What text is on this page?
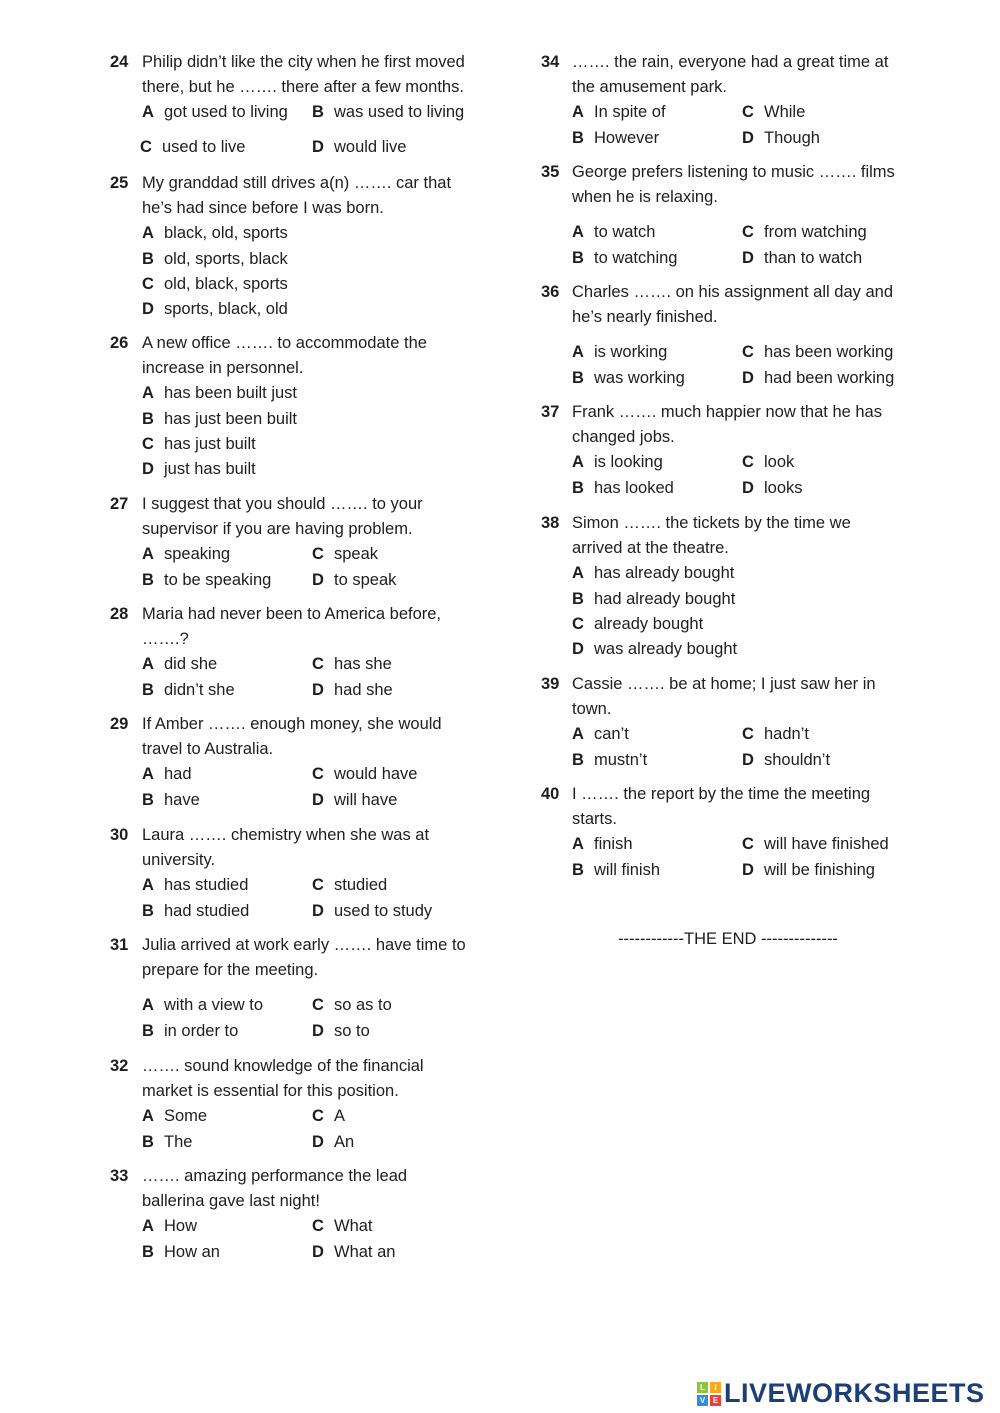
24 Philip didn’t like the city when he first moved
there, but he ……. there after a few months.
A got used to living B was used to living
C used to live	D would live
25 My granddad still drives a(n) ……. car that
he’s had since before I was born.
A black, old, sports
B old, sports, black
C old, black, sports
D sports, black, old
26 A new office ……. to accommodate the
increase in personnel.
A has been built just
B has just been built
C has just built
D just has built
27 I suggest that you should ……. to your
supervisor if you are having problem.
A speaking	C speak
B to be speaking D to speak
28 Maria had never been to America before,
…….?
A did she	C has she
B didn’t she	D had she
29 If Amber ……. enough money, she would
travel to Australia.
A had	C would have
B have	D will have
30 Laura ……. chemistry when she was at
university.
A has studied	C studied
B had studied	D used to study
31 Julia arrived at work early ……. have time to
prepare for the meeting.
A with a view to	C so as to
B in order to	D so to
32 ……. sound knowledge of the financial
market is essential for this position.
A Some	C A
B The	D An
33 ……. amazing performance the lead
ballerina gave last night!
A How	C What
B How an	D What an
34 ……. the rain, everyone had a great time at
the amusement park.
A In spite of	C While
B However	D Though
35 George prefers listening to music ……. films
when he is relaxing.
A to watch	C from watching
B to watching	D than to watch
36 Charles ……. on his assignment all day and
he’s nearly finished.
A is working	C has been working
B was working	D had been working
37 Frank ……. much happier now that he has
changed jobs.
A is looking	C look
B has looked	D looks
38 Simon ……. the tickets by the time we
arrived at the theatre.
A has already bought
B had already bought
C already bought
D was already bought
39 Cassie ……. be at home; I just saw her in
town.
A can’t	C hadn’t
B mustn’t	D shouldn’t
40 I ……. the report by the time the meeting
starts.
A finish	C will have finished
B will finish	D will be finishing
------------THE END --------------
L	I
V E LIVEWORKSHEETS
